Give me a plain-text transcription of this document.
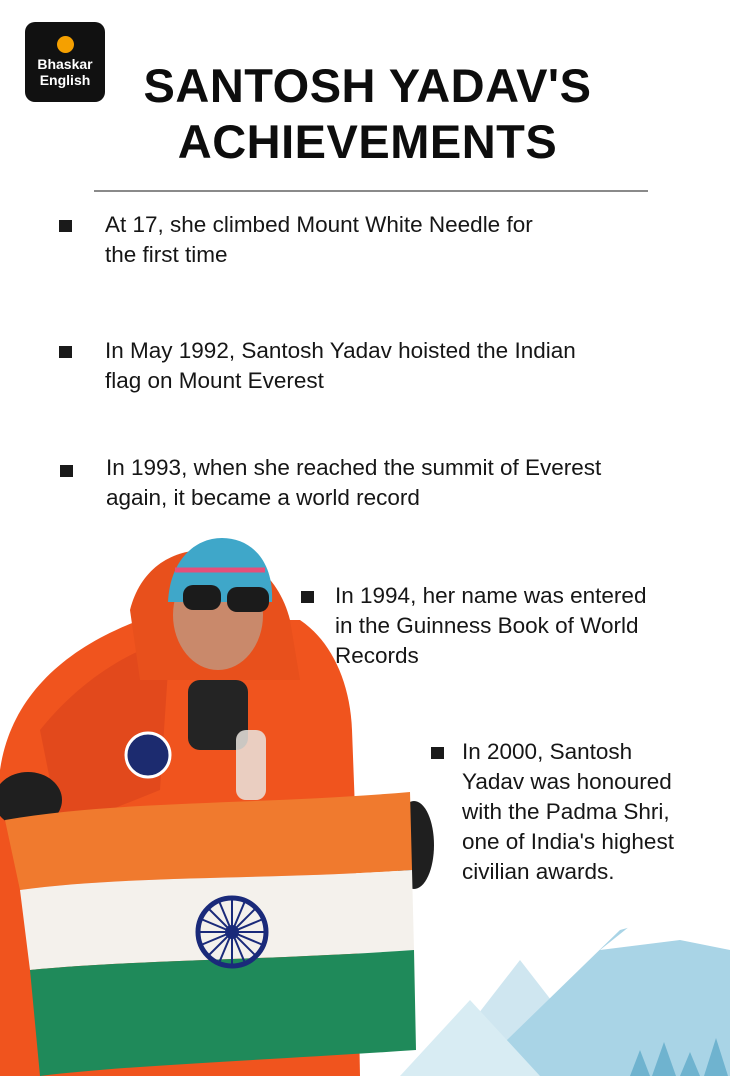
Bhaskar
English	SANTOSH YADAV'S
ACHIEVEMENTS
At 17, she climbed Mount White Needle for
the first time
In May 1992, Santosh Yadav hoisted the Indian
flag on Mount Everest
In 1993, when she reached the summit of Everest
again, it became a world record
In 1994, her name was entered
in the Guinness Book of World
Records
In 2000, Santosh
Yadav was honoured
with the Padma Shri,
one of India's highest
civilian awards.
